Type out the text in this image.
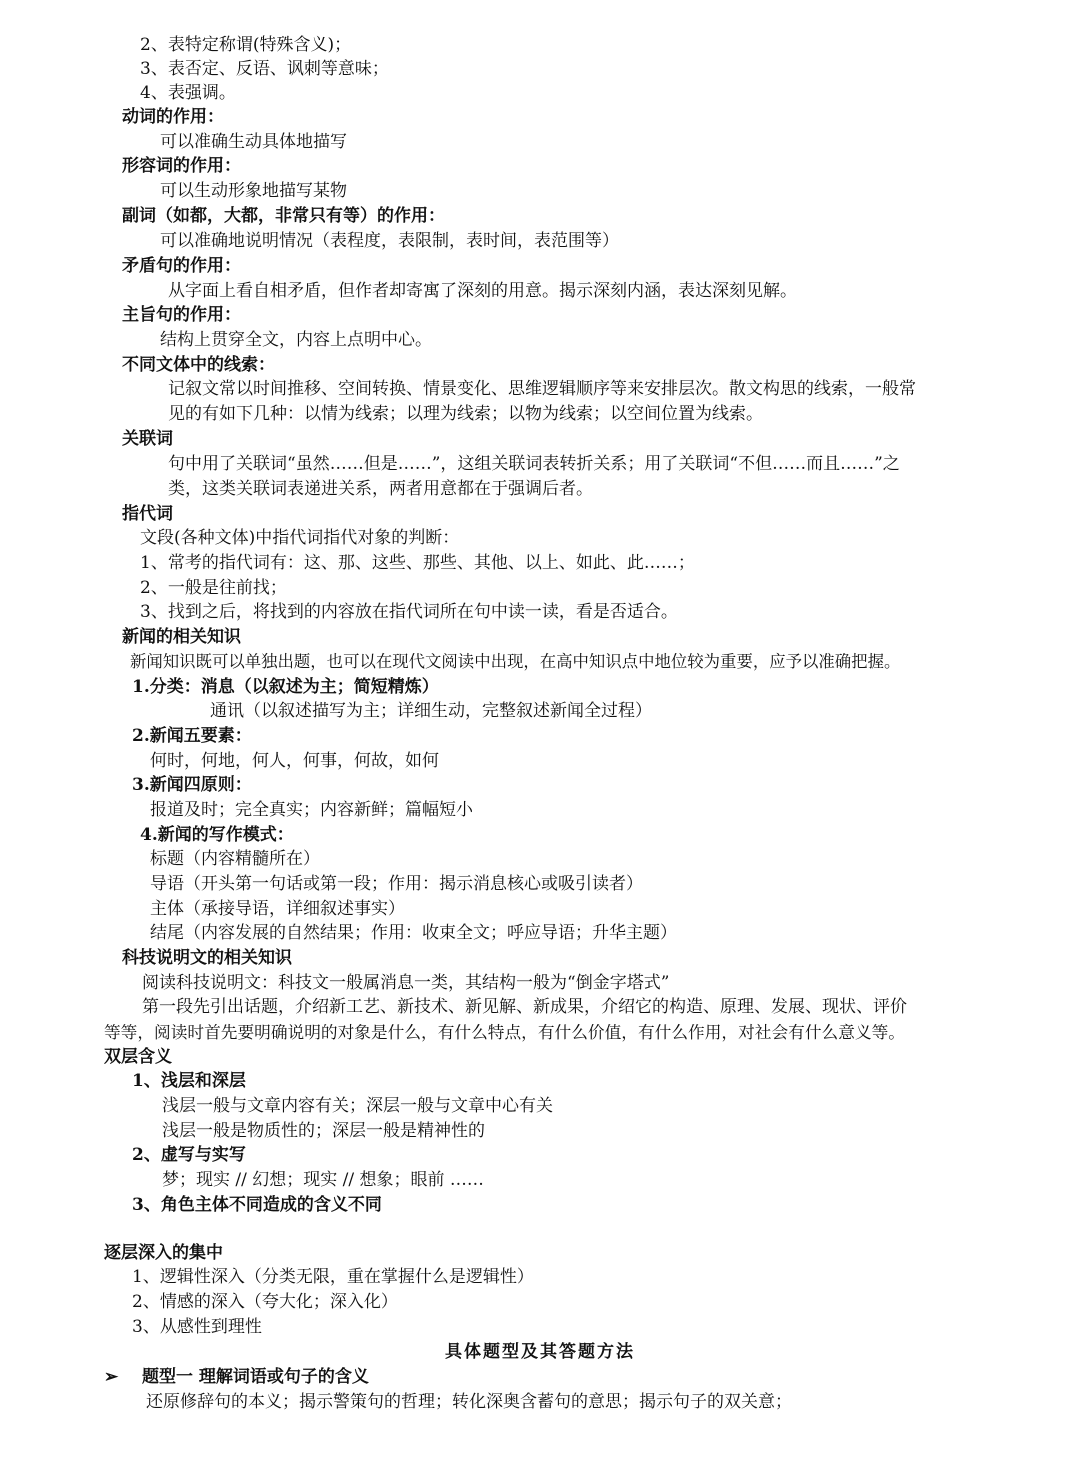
2、表特定称谓(特殊含义)；
3、表否定、反语、讽刺等意味；
4、表强调。
动词的作用：
可以准确生动具体地描写
形容词的作用：
可以生动形象地描写某物
副词（如都，大都，非常只有等）的作用：
可以准确地说明情况（表程度，表限制，表时间，表范围等）
矛盾句的作用：
从字面上看自相矛盾，但作者却寄寓了深刻的用意。揭示深刻内涵，表达深刻见解。
主旨句的作用：
结构上贯穿全文，内容上点明中心。
不同文体中的线索：
记叙文常以时间推移、空间转换、情景变化、思维逻辑顺序等来安排层次。散文构思的线索，一般常
见的有如下几种：以情为线索；以理为线索；以物为线索；以空间位置为线索。
关联词
句中用了关联词“虽然……但是……”，这组关联词表转折关系；用了关联词“不但……而且……”之
类，这类关联词表递进关系，两者用意都在于强调后者。
指代词
文段(各种文体)中指代词指代对象的判断：
1、常考的指代词有：这、那、这些、那些、其他、以上、如此、此……；
2、一般是往前找；
3、找到之后，将找到的内容放在指代词所在句中读一读，看是否适合。
新闻的相关知识
新闻知识既可以单独出题，也可以在现代文阅读中出现，在高中知识点中地位较为重要，应予以准确把握。
1.分类：消息（以叙述为主；简短精炼）
通讯（以叙述描写为主；详细生动，完整叙述新闻全过程）
2.新闻五要素：
何时，何地，何人，何事，何故，如何
3.新闻四原则：
报道及时；完全真实；内容新鲜；篇幅短小
4.新闻的写作模式：
标题（内容精髓所在）
导语（开头第一句话或第一段；作用：揭示消息核心或吸引读者）
主体（承接导语，详细叙述事实）
结尾（内容发展的自然结果；作用：收束全文；呼应导语；升华主题）
科技说明文的相关知识
阅读科技说明文：科技文一般属消息一类，其结构一般为“倒金字塔式”
第一段先引出话题，介绍新工艺、新技术、新见解、新成果，介绍它的构造、原理、发展、现状、评价
等等，阅读时首先要明确说明的对象是什么，有什么特点，有什么价值，有什么作用，对社会有什么意义等。
双层含义
1、浅层和深层
浅层一般与文章内容有关；深层一般与文章中心有关
浅层一般是物质性的；深层一般是精神性的
2、虚写与实写
梦；现实 // 幻想；现实 // 想象；眼前 ……
3、角色主体不同造成的含义不同
逐层深入的集中
1、逻辑性深入（分类无限，重在掌握什么是逻辑性）
2、情感的深入（夸大化；深入化）
3、从感性到理性
具体题型及其答题方法
➢ 题型一 理解词语或句子的含义
还原修辞句的本义；揭示警策句的哲理；转化深奥含蓄句的意思；揭示句子的双关意；
